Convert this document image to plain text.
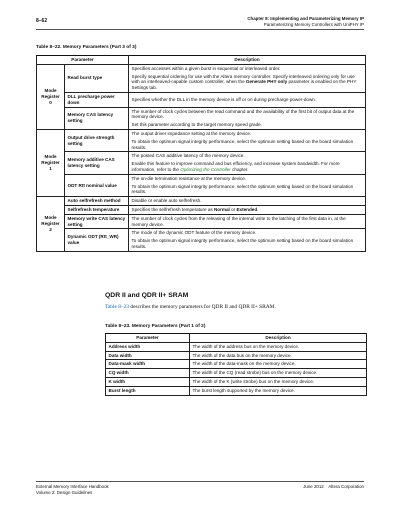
8–62	Chapter 8: Implementing and Parameterizing Memory IP
Parameterizing Memory Controllers with UniPHY IP
Table 8–22. Memory Parameters (Part 3 of 3)
Parameter		Description
Mode Register 0	Read burst type	Specifies accesses within a given burst in sequential or interleaved order.

Specify sequential ordering for use with the Altera memory controller. Specify interleaved ordering only for use with an interleaved-capable custom controller, when the Generate PHY only parameter is enabled on the PHY Settings tab.

	DLL precharge power down	Specifies whether the DLL in the memory device is off or on during precharge power-down.

	Memory CAS latency setting	The number of clock cycles between the read command and the availability of the first bit of output data at the memory device.

Set this parameter according to the target memory speed grade.

Mode Register 1	Output drive strength setting	The output driver impedance setting at the memory device.

To obtain the optimum signal integrity performance, select the optimum setting based on the board simulation results.

	Memory additive CAS latency setting	The posted CAS additive latency of the memory device.

Enable this feature to improve command and bus efficiency, and increase system bandwidth. For more information, refer to the Optimizing the Controller chapter.

	ODT Rtt nominal value	The on-die termination resistance at the memory device.

To obtain the optimum signal integrity performance, select the optimum setting based on the board simulation results.

Mode Register 2	Auto selfrefresh method	Disable or enable auto selfrefresh.

	Selfrefresh temperature	Specifies the selfrefresh temperature as Normal or Extended.

	Memory write CAS latency setting	The number of clock cycles from the releasing of the internal write to the latching of the first data in, at the memory device.

	Dynamic ODT (Rtt_WR) value	The mode of the dynamic ODT feature of the memory device.

To obtain the optimum signal integrity performance, select the optimum setting based on the board simulation results.

QDR II and QDR II+ SRAM
Table 8–23 describes the memory parameters for QDR II and QDR II+ SRAM.
Table 8–23. Memory Parameters (Part 1 of 2)
Parameter	Description
Address width	The width of the address bus on the memory device.
Data width	The width of the data bus on the memory device.
Data-mask width	The width of the data-mask on the memory device,
CQ width	The width of the CQ (read strobe) bus on the memory device.
K width	The width of the K (write strobe) bus on the memory device.
Burst length	The burst length supported by the memory device.
External Memory Interface Handbook
Volume 2: Design Guidelines
June 2012    Altera Corporation
